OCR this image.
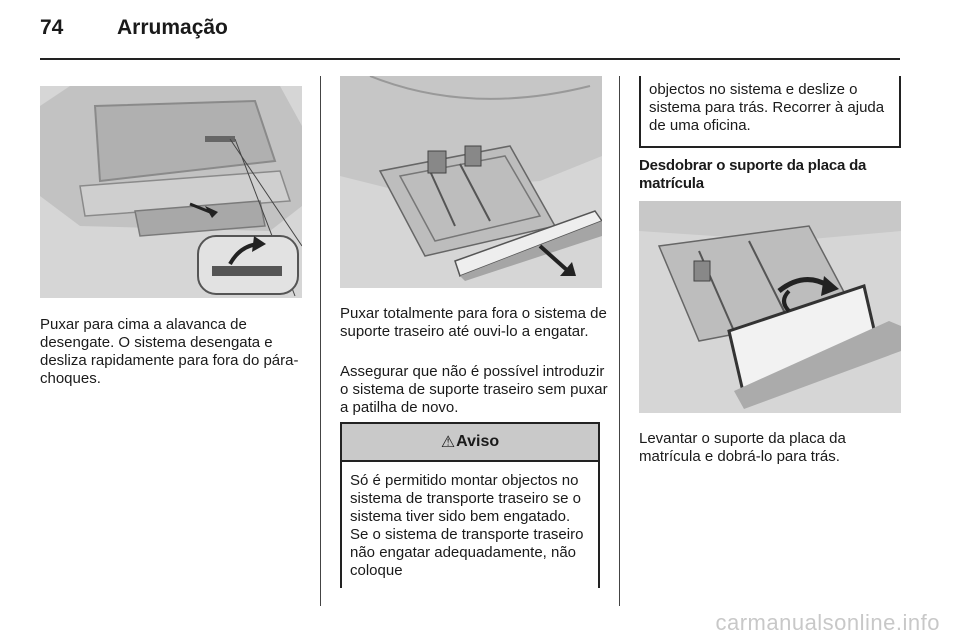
74	Arrumação

Puxar para cima a alavanca de desengate. O sistema desengata e desliza rapidamente para fora do pára-choques.

Puxar totalmente para fora o sistema de suporte traseiro até ouvi-lo a engatar.

Assegurar que não é possível introduzir o sistema de suporte traseiro sem puxar a patilha de novo.

⚠ Aviso

Só é permitido montar objectos no sistema de transporte traseiro se o sistema tiver sido bem engatado. Se o sistema de transporte traseiro não engatar adequadamente, não coloque

objectos no sistema e deslize o sistema para trás. Recorrer à ajuda de uma oficina.

Desdobrar o suporte da placa da matrícula

Levantar o suporte da placa da matrícula e dobrá-lo para trás.

carmanualsonline.info
